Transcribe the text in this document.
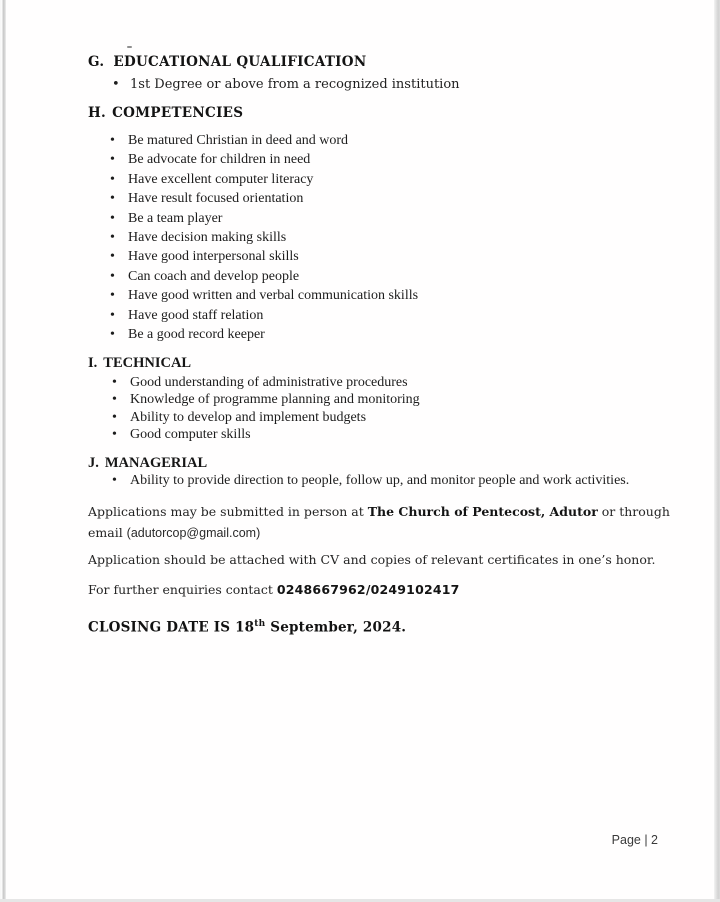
G. EDUCATIONAL QUALIFICATION
• 1st Degree or above from a recognized institution
H. COMPETENCIES
• Be matured Christian in deed and word
• Be advocate for children in need
• Have excellent computer literacy
• Have result focused orientation
• Be a team player
• Have decision making skills
• Have good interpersonal skills
• Can coach and develop people
• Have good written and verbal communication skills
• Have good staff relation
• Be a good record keeper
I. TECHNICAL
• Good understanding of administrative procedures
• Knowledge of programme planning and monitoring
• Ability to develop and implement budgets
• Good computer skills
J. MANAGERIAL
• Ability to provide direction to people, follow up, and monitor people and work activities.
Applications may be submitted in person at The Church of Pentecost, Adutor or through
email (adutorcop@gmail.com)
Application should be attached with CV and copies of relevant certificates in one’s honor.
For further enquiries contact 0248667962/0249102417
CLOSING DATE IS 18th September, 2024.
Page | 2
